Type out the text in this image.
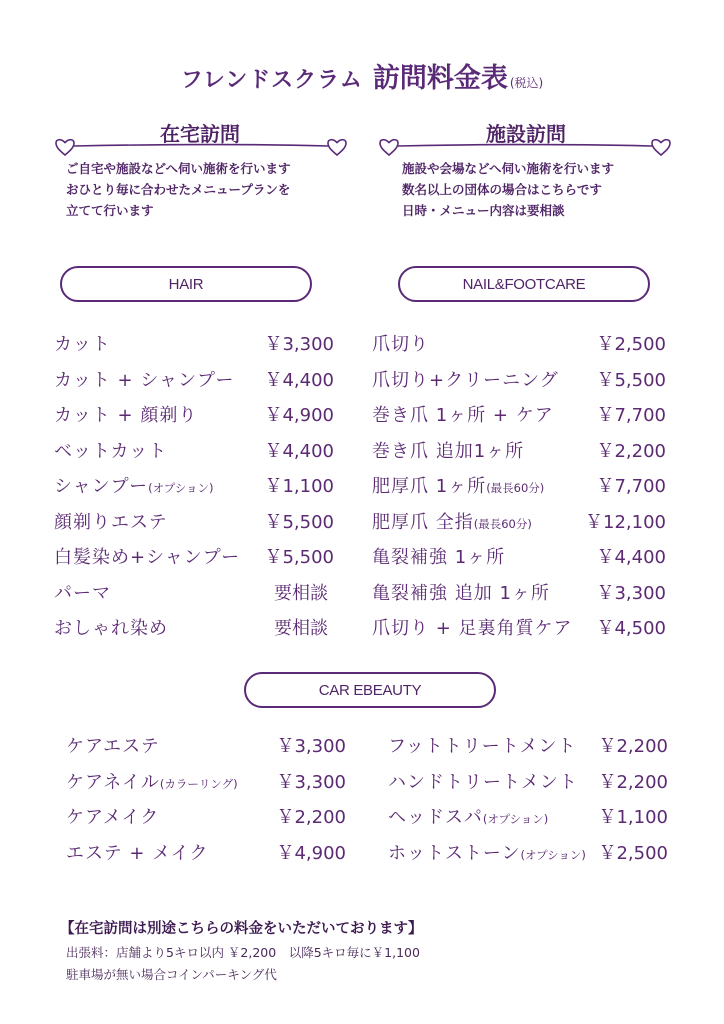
フレンドスクラム 訪問料金表 (税込)
在宅訪問
ご自宅や施設などへ伺い施術を行います
おひとり毎に合わせたメニュープランを
立てて行います
施設訪問
施設や会場などへ伺い施術を行います
数名以上の団体の場合はこちらです
日時・メニュー内容は要相談
HAIR	NAIL&FOOTCARE
カット	￥3,300
カット + シャンプー ￥4,400
カット + 顔剃り	￥4,900
ベットカット	￥4,400
シャンプー(オプション)	￥1,100
顔剃りエステ	￥5,500
白髪染め+シャンプー ￥5,500
パーマ	要相談
おしゃれ染め	要相談
爪切り	￥2,500
爪切り+クリーニング ￥5,500
巻き爪 1ヶ所 + ケア ￥7,700
巻き爪 追加1ヶ所	￥2,200
肥厚爪 1ヶ所(最長60分)	￥7,700
肥厚爪 全指(最長60分)	￥12,100
亀裂補強 1ヶ所	￥4,400
亀裂補強 追加 1ヶ所	￥3,300
爪切り + 足裏角質ケア ￥4,500
CAR EBEAUTY
ケアエステ	￥3,300
ケアネイル(カラーリング) ￥3,300
ケアメイク	￥2,200
エステ + メイク	￥4,900
フットトリートメント ￥2,200
ハンドトリートメント ￥2,200
ヘッドスパ(オプション)	￥1,100
ホットストーン(オプション) ￥2,500
【在宅訪問は別途こちらの料金をいただいております】
出張料：店舗より5キロ以内 ￥2,200　以降5キロ毎に￥1,100
駐車場が無い場合コインパーキング代
